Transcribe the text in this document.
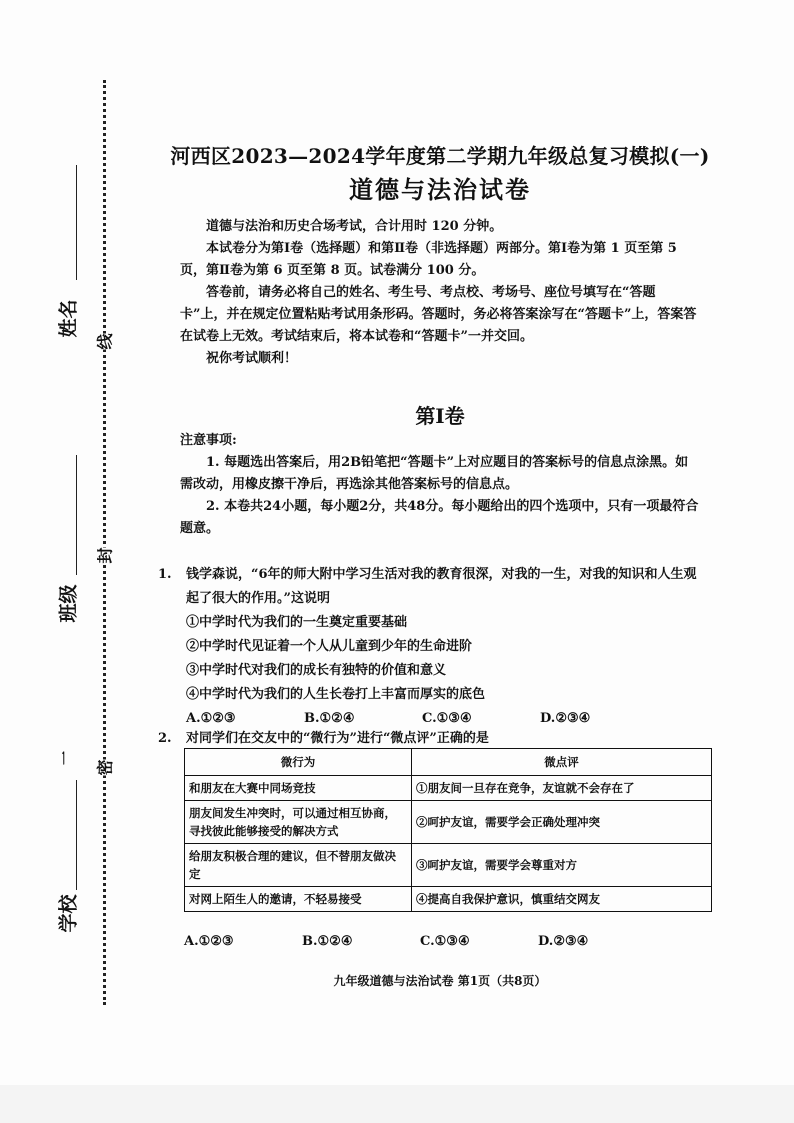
姓名
班级
一
学校
线
封
密
河西区2023—2024学年度第二学期九年级总复习模拟(一)
道德与法治试卷

道德与法治和历史合场考试，合计用时 120 分钟。

本试卷分为第Ⅰ卷（选择题）和第Ⅱ卷（非选择题）两部分。第Ⅰ卷为第 1 页至第 5 页，第Ⅱ卷为第 6 页至第 8 页。试卷满分 100 分。

答卷前，请务必将自己的姓名、考生号、考点校、考场号、座位号填写在“答题卡”上，并在规定位置粘贴考试用条形码。答题时，务必将答案涂写在“答题卡”上，答案答在试卷上无效。考试结束后，将本试卷和“答题卡”一并交回。

祝你考试顺利！

第Ⅰ卷

注意事项:

1. 每题选出答案后，用2B铅笔把“答题卡”上对应题目的答案标号的信息点涂黑。如需改动，用橡皮擦干净后，再选涂其他答案标号的信息点。

2. 本卷共24小题，每小题2分，共48分。每小题给出的四个选项中，只有一项最符合题意。

1. 钱学森说，“6年的师大附中学习生活对我的教育很深，对我的一生，对我的知识和人生观起了很大的作用。”这说明
①中学时代为我们的一生奠定重要基础
②中学时代见证着一个人从儿童到少年的生命进阶
③中学时代对我们的成长有独特的价值和意义
④中学时代为我们的人生长卷打上丰富而厚实的底色
A.①②③	B.①②④	C.①③④	D.②③④
2. 对同学们在交友中的“微行为”进行“微点评”正确的是
微行为	微点评
和朋友在大赛中同场竞技	①朋友间一旦存在竞争，友谊就不会存在了
朋友间发生冲突时，可以通过相互协商，寻找彼此能够接受的解决方式	②呵护友谊，需要学会正确处理冲突
给朋友积极合理的建议，但不替朋友做决定	③呵护友谊，需要学会尊重对方
对网上陌生人的邀请，不轻易接受	④提高自我保护意识，慎重结交网友
A.①②③	B.①②④	C.①③④	D.②③④
九年级道德与法治试卷 第1页（共8页）
